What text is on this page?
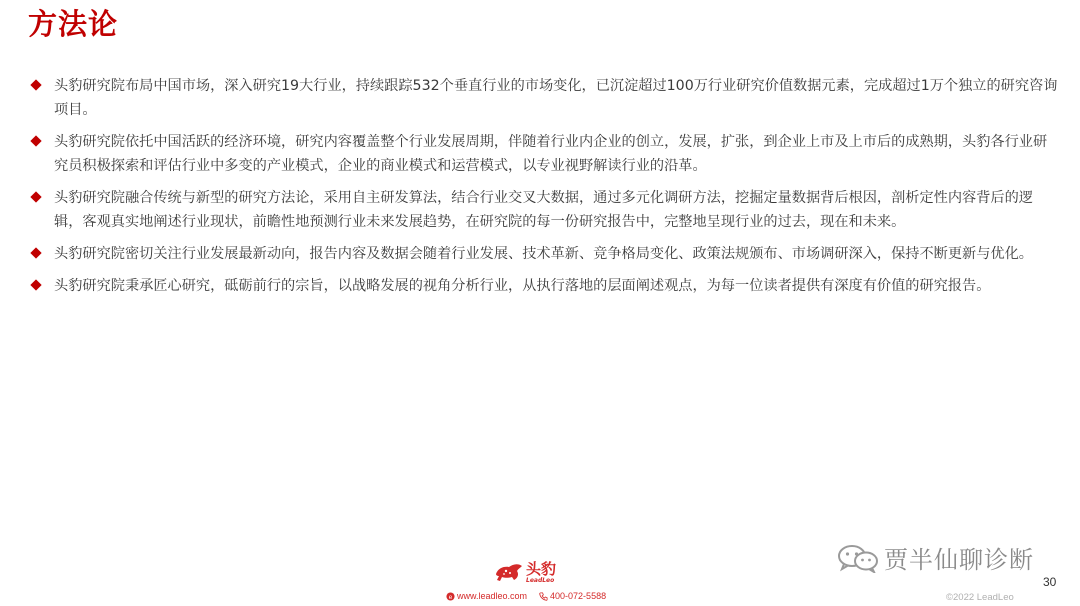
方法论
头豹研究院布局中国市场，深入研究19大行业，持续跟踪532个垂直行业的市场变化，已沉淀超过100万行业研究价值数据元素，完成超过1万个独立的研究咨询项目。
头豹研究院依托中国活跃的经济环境，研究内容覆盖整个行业发展周期，伴随着行业内企业的创立，发展，扩张，到企业上市及上市后的成熟期，头豹各行业研究员积极探索和评估行业中多变的产业模式，企业的商业模式和运营模式，以专业视野解读行业的沿革。
头豹研究院融合传统与新型的研究方法论，采用自主研发算法，结合行业交叉大数据，通过多元化调研方法，挖掘定量数据背后根因，剖析定性内容背后的逻辑，客观真实地阐述行业现状，前瞻性地预测行业未来发展趋势，在研究院的每一份研究报告中，完整地呈现行业的过去，现在和未来。
头豹研究院密切关注行业发展最新动向，报告内容及数据会随着行业发展、技术革新、竞争格局变化、政策法规颁布、市场调研深入，保持不断更新与优化。
头豹研究院秉承匠心研究，砥砺前行的宗旨，以战略发展的视角分析行业，从执行落地的层面阐述观点，为每一位读者提供有深度有价值的研究报告。
头豹
LeadLeo
e www.leadleo.com	400-072-5588
贾半仙聊诊断
30
©2022 LeadLeo
